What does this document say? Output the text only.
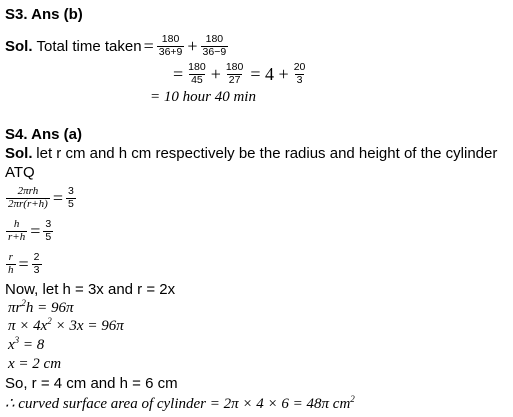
S3. Ans (b)
Sol. Total time taken = $\frac{180}{36+9} + \frac{180}{36-9}$
= $\frac{180}{45} + \frac{180}{27} = 4 + \frac{20}{3}$
= 10 hour 40 min
S4. Ans (a)
Sol. let r cm and h cm respectively be the radius and height of the cylinder
ATQ
$\frac{\text{2πrh}}{2\pi r(r+h)} = \frac{3}{5}$
$\frac{h}{r+h} = \frac{3}{5}$
$\frac{r}{h} = \frac{2}{3}$
Now, let h = 3x and r = 2x
$\pi r^2h = 96\pi$
$\pi \times 4x^2 \times 3x = 96\pi$
$x^3 = 8$
x = 2 cm
So, r = 4 cm and h = 6 cm
∴ curved surface area of cylinder = 2π × 4 × 6 = 48π $cm^2$
